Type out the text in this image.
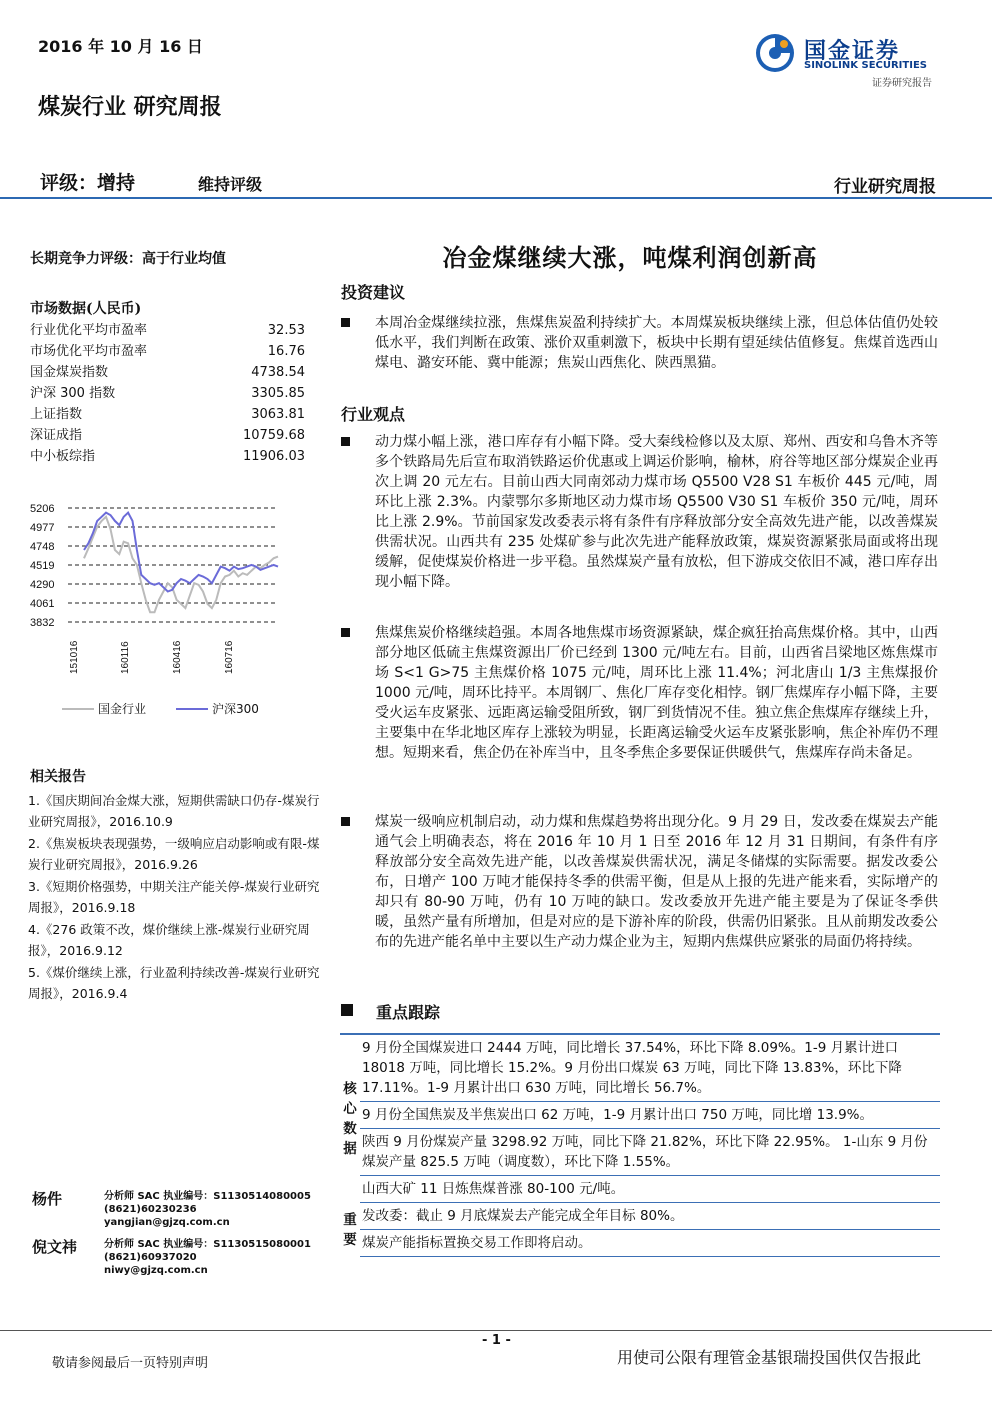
2016 年 10 月 16 日	国金证券
SINOLINK SECURITIES
证券研究报告
煤炭行业 研究周报
评级：增持	维持评级	行业研究周报
长期竞争力评级：高于行业均值
市场数据(人民币)
行业优化平均市盈率	32.53
市场优化平均市盈率	16.76
国金煤炭指数	4738.54
沪深 300 指数	3305.85
上证指数	3063.81
深证成指	10759.68
中小板综指	11906.03
5206
4977
4748
4519
4290
4061
3832
151016	160116	160416	160716
国金行业	沪深300
相关报告
1.《国庆期间冶金煤大涨，短期供需缺口仍存-煤炭行业研究周报》，2016.10.9
2.《焦炭板块表现强势，一级响应启动影响或有限-煤炭行业研究周报》，2016.9.26
3.《短期价格强势，中期关注产能关停-煤炭行业研究周报》，2016.9.18
4.《276 政策不改，煤价继续上涨-煤炭行业研究周报》，2016.9.12
5.《煤价继续上涨，行业盈利持续改善-煤炭行业研究周报》，2016.9.4
杨件	分析师 SAC 执业编号：S1130514080005
(8621)60230236
yangjian@gjzq.com.cn
倪文祎	分析师 SAC 执业编号：S1130515080001
(8621)60937020
niwy@gjzq.com.cn
冶金煤继续大涨，吨煤利润创新高
投资建议
本周冶金煤继续拉涨，焦煤焦炭盈利持续扩大。本周煤炭板块继续上涨，但总体估值仍处较低水平，我们判断在政策、涨价双重刺激下，板块中长期有望延续估值修复。焦煤首选西山煤电、潞安环能、冀中能源；焦炭山西焦化、陕西黑猫。
行业观点
动力煤小幅上涨，港口库存有小幅下降。受大秦线检修以及太原、郑州、西安和乌鲁木齐等多个铁路局先后宣布取消铁路运价优惠或上调运价影响，榆林，府谷等地区部分煤炭企业再次上调 20 元左右。目前山西大同南郊动力煤市场 Q5500 V28 S1 车板价 445 元/吨，周环比上涨 2.3%。内蒙鄂尔多斯地区动力煤市场 Q5500 V30 S1 车板价 350 元/吨，周环比上涨 2.9%。节前国家发改委表示将有条件有序释放部分安全高效先进产能，以改善煤炭供需状况。山西共有 235 处煤矿参与此次先进产能释放政策，煤炭资源紧张局面或将出现缓解，促使煤炭价格进一步平稳。虽然煤炭产量有放松，但下游成交依旧不减，港口库存出现小幅下降。
焦煤焦炭价格继续趋强。本周各地焦煤市场资源紧缺，煤企疯狂抬高焦煤价格。其中，山西部分地区低硫主焦煤资源出厂价已经到 1300 元/吨左右。目前，山西省吕梁地区炼焦煤市场 S<1 G>75 主焦煤价格 1075 元/吨，周环比上涨 11.4%；河北唐山 1/3 主焦煤报价 1000 元/吨，周环比持平。本周钢厂、焦化厂库存变化相悖。钢厂焦煤库存小幅下降，主要受火运车皮紧张、远距离运输受阻所致，钢厂到货情况不佳。独立焦企焦煤库存继续上升，主要集中在华北地区库存上涨较为明显，长距离运输受火运车皮紧张影响，焦企补库仍不理想。短期来看，焦企仍在补库当中，且冬季焦企多要保证供暖供气，焦煤库存尚未备足。
煤炭一级响应机制启动，动力煤和焦煤趋势将出现分化。9 月 29 日，发改委在煤炭去产能通气会上明确表态，将在 2016 年 10 月 1 日至 2016 年 12 月 31 日期间，有条件有序释放部分安全高效先进产能，以改善煤炭供需状况，满足冬储煤的实际需要。据发改委公布，日增产 100 万吨才能保持冬季的供需平衡，但是从上报的先进产能来看，实际增产的却只有 80-90 万吨，仍有 10 万吨的缺口。发改委放开先进产能主要是为了保证冬季供暖，虽然产量有所增加，但是对应的是下游补库的阶段，供需仍旧紧张。且从前期发改委公布的先进产能名单中主要以生产动力煤企业为主，短期内焦煤供应紧张的局面仍将持续。
重点跟踪
核心数据	9 月份全国煤炭进口 2444 万吨，同比增长 37.54%，环比下降 8.09%。1-9 月累计进口 18018 万吨，同比增长 15.2%。9 月份出口煤炭 63 万吨，同比下降 13.83%，环比下降 17.11%。1-9 月累计出口 630 万吨，同比增长 56.7%。
	9 月份全国焦炭及半焦炭出口 62 万吨，1-9 月累计出口 750 万吨，同比增 13.9%。
	陕西 9 月份煤炭产量 3298.92 万吨，同比下降 21.82%，环比下降 22.95%。 1-山东 9 月份煤炭产量 825.5 万吨（调度数），环比下降 1.55%。
	山西大矿 11 日炼焦煤普涨 80-100 元/吨。
重要	发改委：截止 9 月底煤炭去产能完成全年目标 80%。
	煤炭产能指标置换交易工作即将启动。
- 1 -
敬请参阅最后一页特别声明	用使司公限有理管金基银瑞投国供仅告报此
